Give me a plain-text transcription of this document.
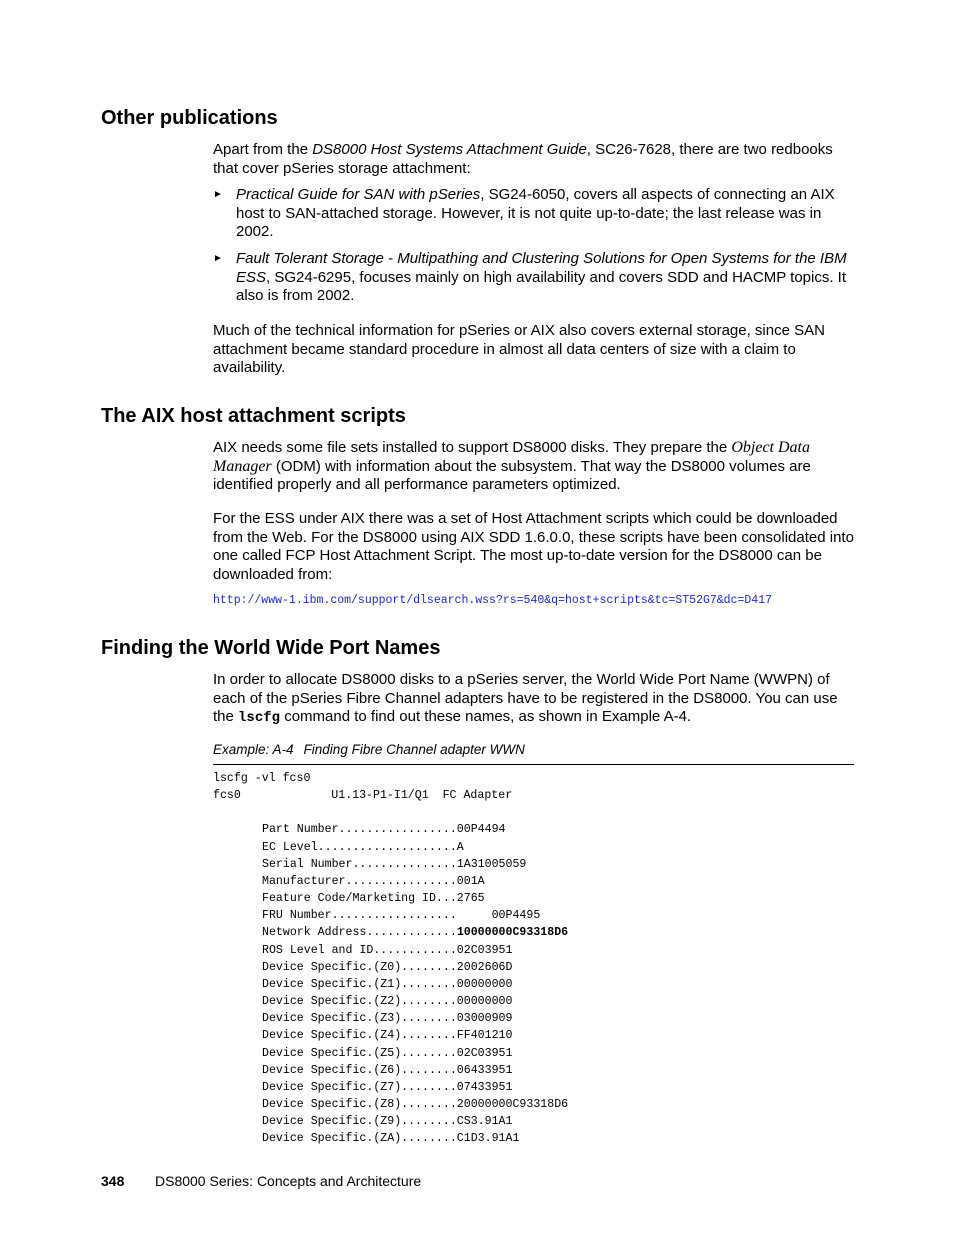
Other publications

Apart from the DS8000 Host Systems Attachment Guide, SC26-7628, there are two redbooks that cover pSeries storage attachment:

► Practical Guide for SAN with pSeries, SG24-6050, covers all aspects of connecting an AIX host to SAN-attached storage. However, it is not quite up-to-date; the last release was in 2002.
► Fault Tolerant Storage - Multipathing and Clustering Solutions for Open Systems for the IBM ESS, SG24-6295, focuses mainly on high availability and covers SDD and HACMP topics. It also is from 2002.

Much of the technical information for pSeries or AIX also covers external storage, since SAN attachment became standard procedure in almost all data centers of size with a claim to availability.

The AIX host attachment scripts

AIX needs some file sets installed to support DS8000 disks. They prepare the Object Data Manager (ODM) with information about the subsystem. That way the DS8000 volumes are identified properly and all performance parameters optimized.

For the ESS under AIX there was a set of Host Attachment scripts which could be downloaded from the Web. For the DS8000 using AIX SDD 1.6.0.0, these scripts have been consolidated into one called FCP Host Attachment Script. The most up-to-date version for the DS8000 can be downloaded from:

http://www-1.ibm.com/support/dlsearch.wss?rs=540&q=host+scripts&tc=ST52G7&dc=D417
Finding the World Wide Port Names

In order to allocate DS8000 disks to a pSeries server, the World Wide Port Name (WWPN) of each of the pSeries Fibre Channel adapters have to be registered in the DS8000. You can use the lscfg command to find out these names, as shown in Example A-4.

Example: A-4 Finding Fibre Channel adapter WWN

lscfg -vl fcs0
fcs0             U1.13-P1-I1/Q1  FC Adapter

Part Number.................00P4494
EC Level....................A
Serial Number...............1A31005059
Manufacturer................001A
Feature Code/Marketing ID...2765
FRU Number..................     00P4495
Network Address.............10000000C93318D6
ROS Level and ID............02C03951
Device Specific.(Z0)........2002606D
Device Specific.(Z1)........00000000
Device Specific.(Z2)........00000000
Device Specific.(Z3)........03000909
Device Specific.(Z4)........FF401210
Device Specific.(Z5)........02C03951
Device Specific.(Z6)........06433951
Device Specific.(Z7)........07433951
Device Specific.(Z8)........20000000C93318D6
Device Specific.(Z9)........CS3.91A1
Device Specific.(ZA)........C1D3.91A1

348 DS8000 Series: Concepts and Architecture
